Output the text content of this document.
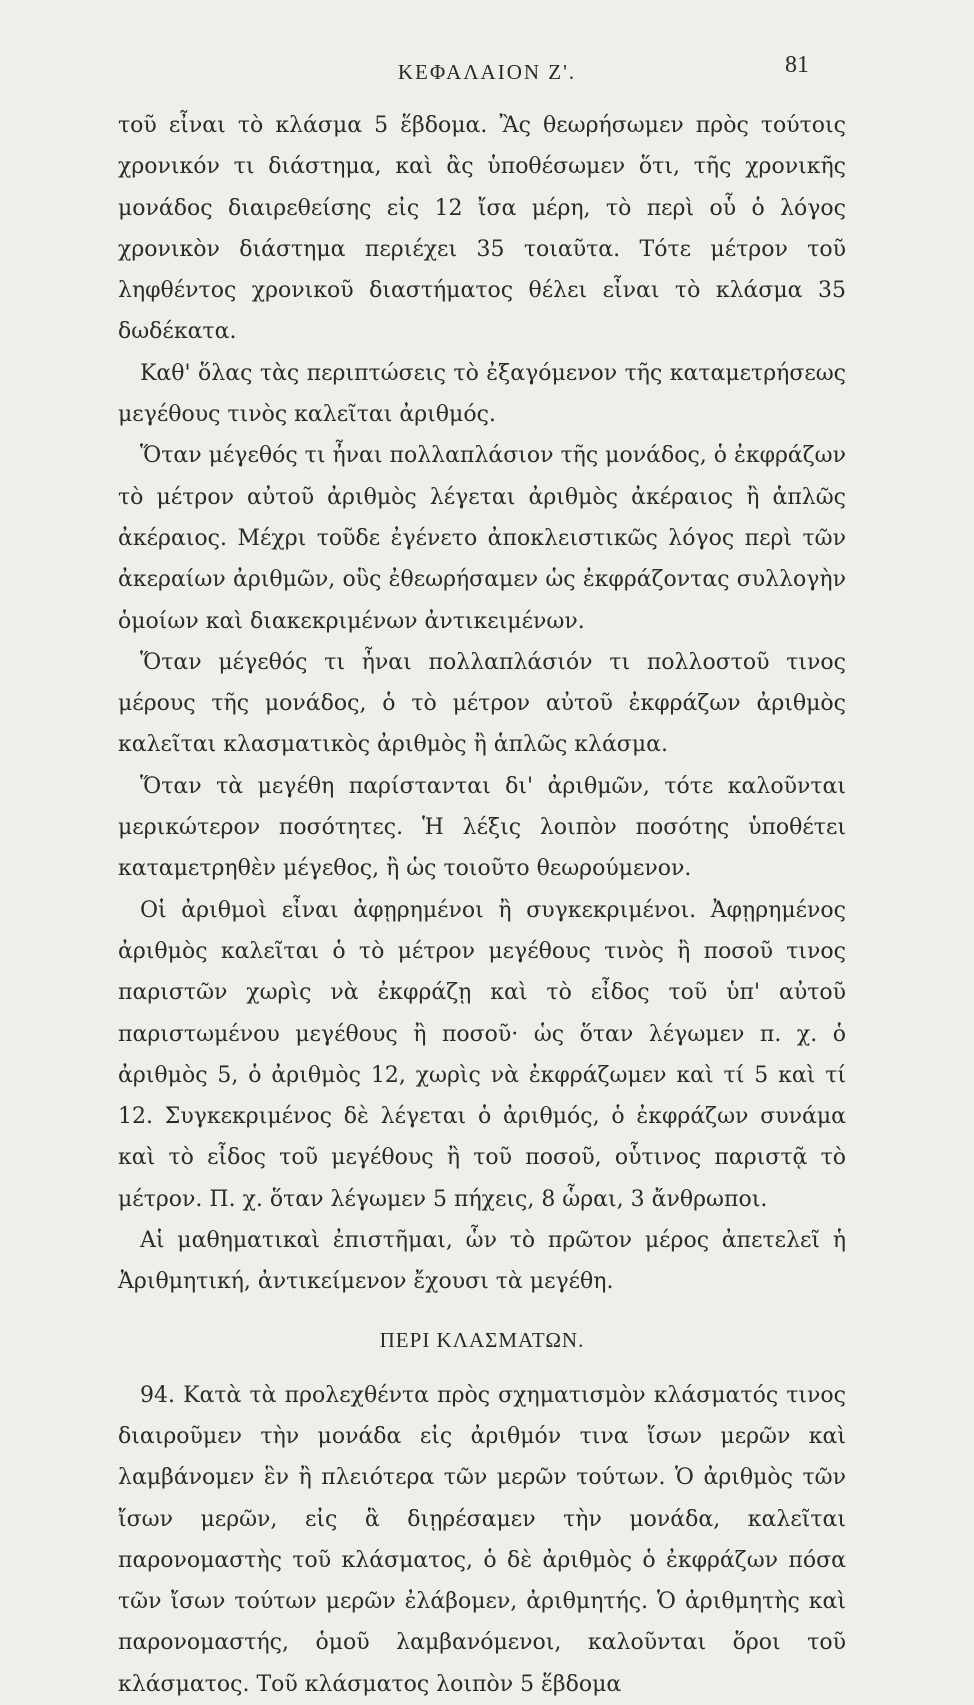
ΚΕΦΑΛΑΙΟΝ Ζ'.	81

τοῦ εἶναι τὸ κλάσμα 5 ἕβδομα. Ἂς θεωρήσωμεν πρὸς τούτοις χρονικόν τι διάστημα, καὶ ἂς ὑποθέσωμεν ὅτι, τῆς χρονικῆς μονάδος διαιρεθείσης εἰς 12 ἴσα μέρη, τὸ περὶ οὗ ὁ λόγος χρονικὸν διάστημα περιέχει 35 τοιαῦτα. Τότε μέτρον τοῦ ληφθέντος χρονικοῦ διαστήματος θέλει εἶναι τὸ κλάσμα 35 δωδέκατα.

Καθ' ὅλας τὰς περιπτώσεις τὸ ἐξαγόμενον τῆς καταμετρήσεως μεγέθους τινὸς καλεῖται ἀριθμός.

Ὅταν μέγεθός τι ἦναι πολλαπλάσιον τῆς μονάδος, ὁ ἐκφράζων τὸ μέτρον αὐτοῦ ἀριθμὸς λέγεται ἀριθμὸς ἀκέραιος ἢ ἁπλῶς ἀκέραιος. Μέχρι τοῦδε ἐγένετο ἀποκλειστικῶς λόγος περὶ τῶν ἀκεραίων ἀριθμῶν, οὓς ἐθεωρήσαμεν ὡς ἐκφράζοντας συλλογὴν ὁμοίων καὶ διακεκριμένων ἀντικειμένων.

Ὅταν μέγεθός τι ἦναι πολλαπλάσιόν τι πολλοστοῦ τινος μέρους τῆς μονάδος, ὁ τὸ μέτρον αὐτοῦ ἐκφράζων ἀριθμὸς καλεῖται κλασματικὸς ἀριθμὸς ἢ ἁπλῶς κλάσμα.

Ὅταν τὰ μεγέθη παρίστανται δι' ἀριθμῶν, τότε καλοῦνται μερικώτερον ποσότητες. Ἡ λέξις λοιπὸν ποσότης ὑποθέτει καταμετρηθὲν μέγεθος, ἢ ὡς τοιοῦτο θεωρούμενον.

Οἱ ἀριθμοὶ εἶναι ἀφῃρημένοι ἢ συγκεκριμένοι. Ἀφῃρημένος ἀριθμὸς καλεῖται ὁ τὸ μέτρον μεγέθους τινὸς ἢ ποσοῦ τινος παριστῶν χωρὶς νὰ ἐκφράζῃ καὶ τὸ εἶδος τοῦ ὑπ' αὐτοῦ παριστωμένου μεγέθους ἢ ποσοῦ· ὡς ὅταν λέγωμεν π. χ. ὁ ἀριθμὸς 5, ὁ ἀριθμὸς 12, χωρὶς νὰ ἐκφράζωμεν καὶ τί 5 καὶ τί 12. Συγκεκριμένος δὲ λέγεται ὁ ἀριθμός, ὁ ἐκφράζων συνάμα καὶ τὸ εἶδος τοῦ μεγέθους ἢ τοῦ ποσοῦ, οὗτινος παριστᾷ τὸ μέτρον. Π. χ. ὅταν λέγωμεν 5 πήχεις, 8 ὧραι, 3 ἄνθρωποι.

Αἱ μαθηματικαὶ ἐπιστῆμαι, ὧν τὸ πρῶτον μέρος ἀπετελεῖ ἡ Ἀριθμητική, ἀντικείμενον ἔχουσι τὰ μεγέθη.

ΠΕΡΙ ΚΛΑΣΜΑΤΩΝ.

94. Κατὰ τὰ προλεχθέντα πρὸς σχηματισμὸν κλάσματός τινος διαιροῦμεν τὴν μονάδα εἰς ἀριθμόν τινα ἴσων μερῶν καὶ λαμβάνομεν ἓν ἢ πλειότερα τῶν μερῶν τούτων. Ὁ ἀριθμὸς τῶν ἴσων μερῶν, εἰς ἃ διῃρέσαμεν τὴν μονάδα, καλεῖται παρονομαστὴς τοῦ κλάσματος, ὁ δὲ ἀριθμὸς ὁ ἐκφράζων πόσα τῶν ἴσων τούτων μερῶν ἐλάβομεν, ἀριθμητής. Ὁ ἀριθμητὴς καὶ παρονομαστής, ὁμοῦ λαμβανόμενοι, καλοῦνται ὅροι τοῦ κλάσματος. Τοῦ κλάσματος λοιπὸν 5 ἕβδομα
